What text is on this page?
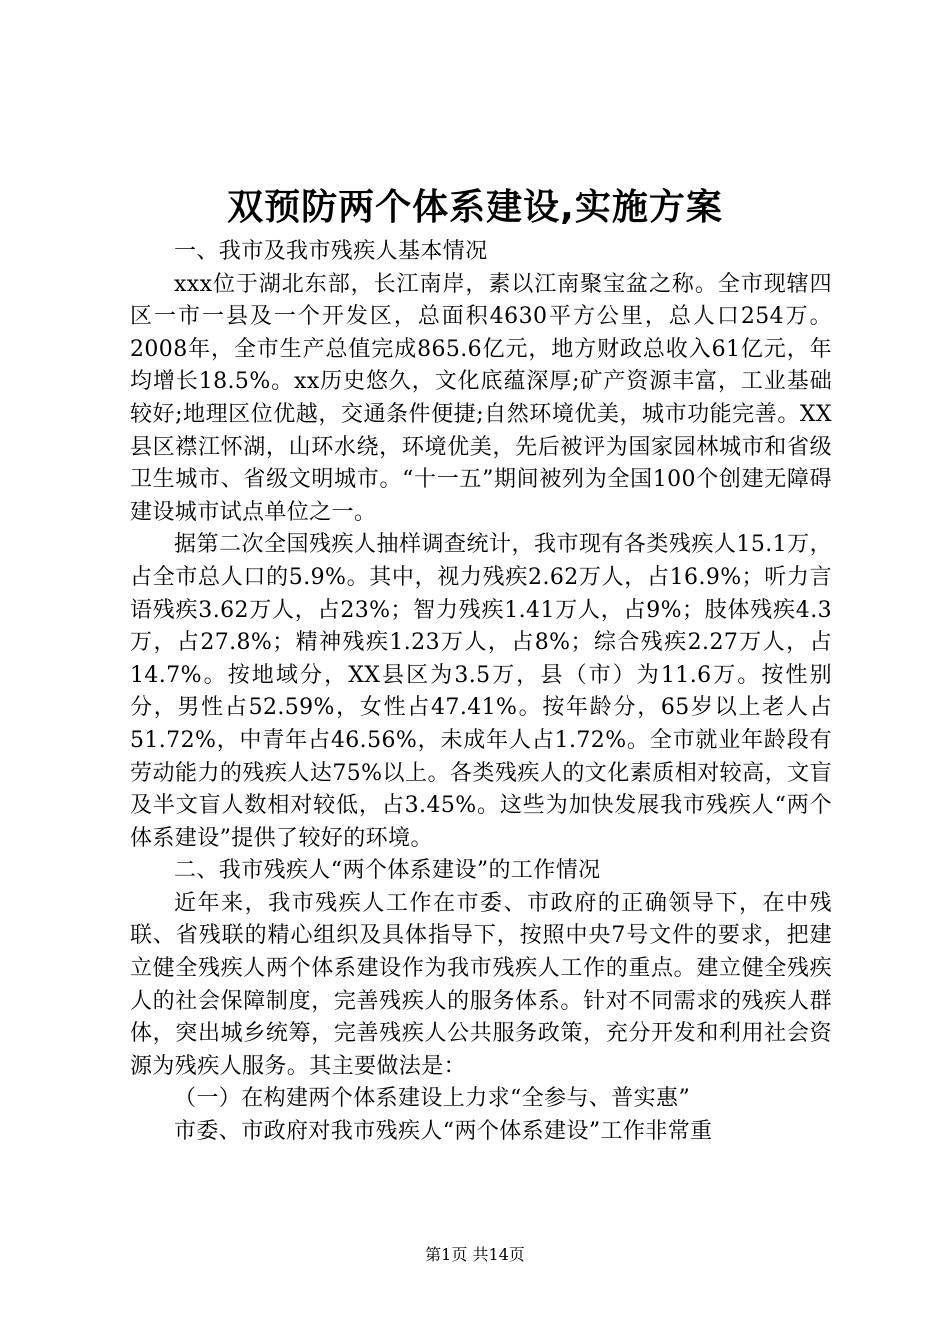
双预防两个体系建设,实施方案

一、我市及我市残疾人基本情况

xxx位于湖北东部，长江南岸，素以江南聚宝盆之称。全市现辖四区一市一县及一个开发区，总面积4630平方公里，总人口254万。2008年，全市生产总值完成865.6亿元，地方财政总收入61亿元，年均增长18.5%。xx历史悠久，文化底蕴深厚;矿产资源丰富，工业基础较好;地理区位优越，交通条件便捷;自然环境优美，城市功能完善。XX县区襟江怀湖，山环水绕，环境优美，先后被评为国家园林城市和省级卫生城市、省级文明城市。“十一五”期间被列为全国100个创建无障碍建设城市试点单位之一。

据第二次全国残疾人抽样调查统计，我市现有各类残疾人15.1万，占全市总人口的5.9%。其中，视力残疾2.62万人，占16.9%；听力言语残疾3.62万人，占23%；智力残疾1.41万人，占9%；肢体残疾4.3万，占27.8%；精神残疾1.23万人，占8%；综合残疾2.27万人，占14.7%。按地域分，XX县区为3.5万，县（市）为11.6万。按性别分，男性占52.59%，女性占47.41%。按年龄分，65岁以上老人占51.72%，中青年占46.56%，未成年人占1.72%。全市就业年龄段有劳动能力的残疾人达75%以上。各类残疾人的文化素质相对较高，文盲及半文盲人数相对较低，占3.45%。这些为加快发展我市残疾人“两个体系建设”提供了较好的环境。

二、我市残疾人“两个体系建设”的工作情况

近年来，我市残疾人工作在市委、市政府的正确领导下，在中残联、省残联的精心组织及具体指导下，按照中央7号文件的要求，把建立健全残疾人两个体系建设作为我市残疾人工作的重点。建立健全残疾人的社会保障制度，完善残疾人的服务体系。针对不同需求的残疾人群体，突出城乡统筹，完善残疾人公共服务政策，充分开发和利用社会资源为残疾人服务。其主要做法是：

（一）在构建两个体系建设上力求“全参与、普实惠”

市委、市政府对我市残疾人“两个体系建设”工作非常重

第1页 共14页
